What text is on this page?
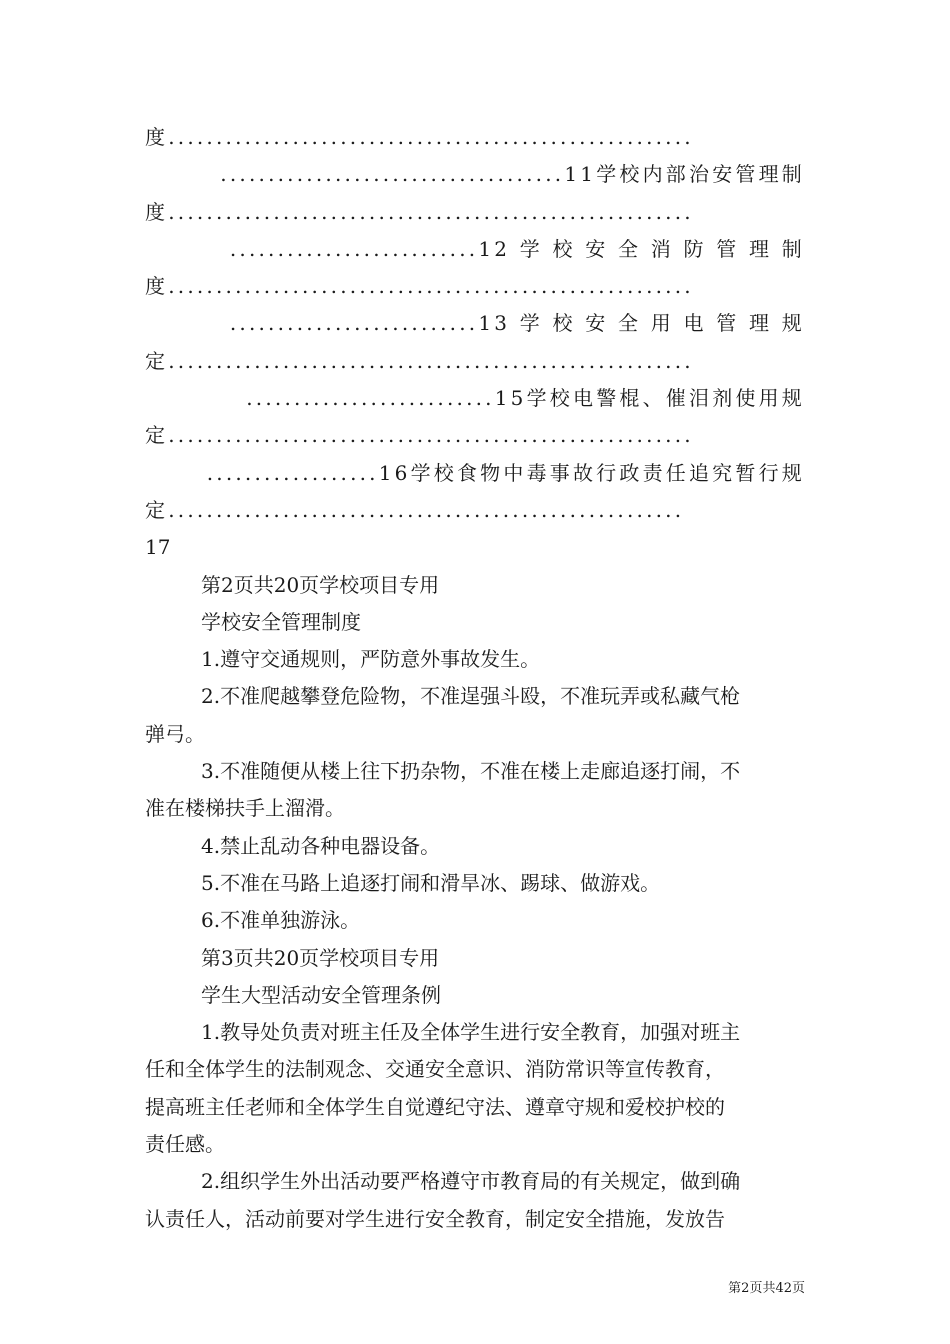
度.......................................................
....................................11学校内部治安管理制
度.......................................................
..........................12 学 校 安 全 消 防 管 理 制
度.......................................................
..........................13 学 校 安 全 用 电 管 理 规
定.......................................................
..........................15学校电警棍、催泪剂使用规
定.......................................................
..................16学校食物中毒事故行政责任追究暂行规
定......................................................
17
第2页共20页学校项目专用
学校安全管理制度
1.遵守交通规则，严防意外事故发生。
2.不准爬越攀登危险物，不准逞强斗殴，不准玩弄或私藏气枪
弹弓。
3.不准随便从楼上往下扔杂物，不准在楼上走廊追逐打闹，不
准在楼梯扶手上溜滑。
4.禁止乱动各种电器设备。
5.不准在马路上追逐打闹和滑旱冰、踢球、做游戏。
6.不准单独游泳。
第3页共20页学校项目专用
学生大型活动安全管理条例
1.教导处负责对班主任及全体学生进行安全教育，加强对班主
任和全体学生的法制观念、交通安全意识、消防常识等宣传教育，
提高班主任老师和全体学生自觉遵纪守法、遵章守规和爱校护校的
责任感。
2.组织学生外出活动要严格遵守市教育局的有关规定，做到确
认责任人，活动前要对学生进行安全教育，制定安全措施，发放告
第2页共42页
